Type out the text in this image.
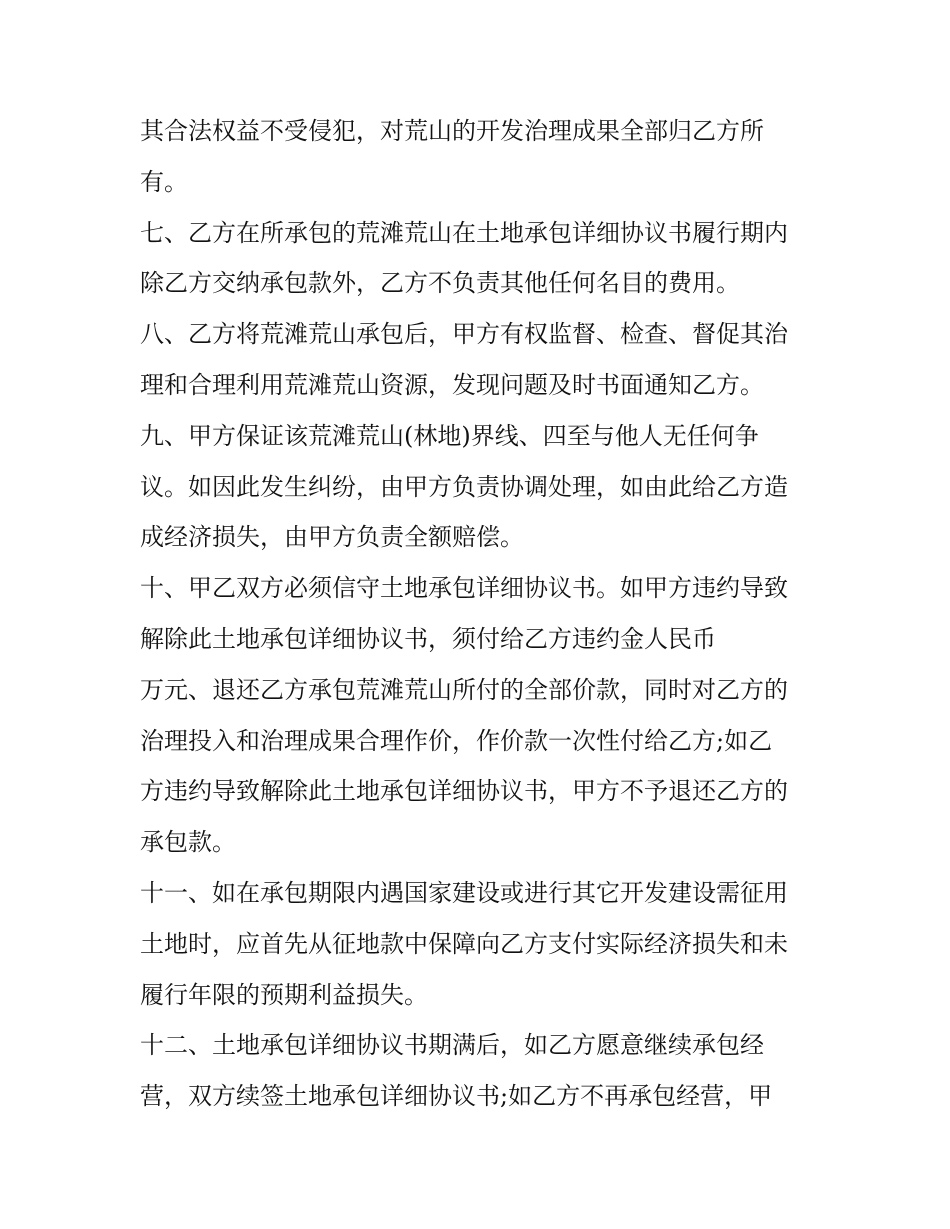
其合法权益不受侵犯，对荒山的开发治理成果全部归乙方所
有。
七、乙方在所承包的荒滩荒山在土地承包详细协议书履行期内
除乙方交纳承包款外，乙方不负责其他任何名目的费用。
八、乙方将荒滩荒山承包后，甲方有权监督、检查、督促其治
理和合理利用荒滩荒山资源，发现问题及时书面通知乙方。
九、甲方保证该荒滩荒山(林地)界线、四至与他人无任何争
议。如因此发生纠纷，由甲方负责协调处理，如由此给乙方造
成经济损失，由甲方负责全额赔偿。
十、甲乙双方必须信守土地承包详细协议书。如甲方违约导致
解除此土地承包详细协议书，须付给乙方违约金人民币
万元、退还乙方承包荒滩荒山所付的全部价款，同时对乙方的
治理投入和治理成果合理作价，作价款一次性付给乙方;如乙
方违约导致解除此土地承包详细协议书，甲方不予退还乙方的
承包款。
十一、如在承包期限内遇国家建设或进行其它开发建设需征用
土地时，应首先从征地款中保障向乙方支付实际经济损失和未
履行年限的预期利益损失。
十二、土地承包详细协议书期满后，如乙方愿意继续承包经
营，双方续签土地承包详细协议书;如乙方不再承包经营，甲
